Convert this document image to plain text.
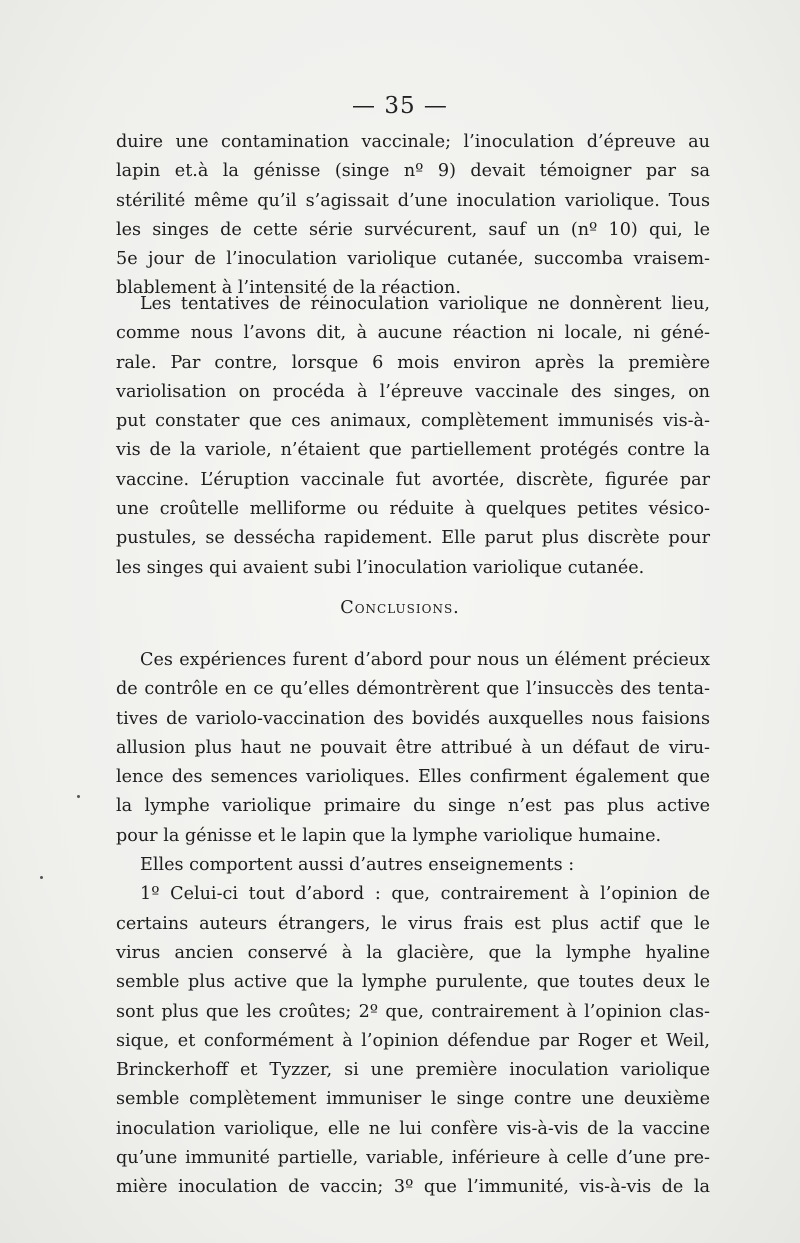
— 35 —
duire une contamination vaccinale; l’inoculation d’épreuve au
lapin et.à la génisse (singe nº 9) devait témoigner par sa
stérilité même qu’il s’agissait d’une inoculation variolique. Tous
les singes de cette série survécurent, sauf un (nº 10) qui, le
5e jour de l’inoculation variolique cutanée, succomba vraisem-
blablement à l’intensité de la réaction.
Les tentatives de réinoculation variolique ne donnèrent lieu,
comme nous l’avons dit, à aucune réaction ni locale, ni géné-
rale. Par contre, lorsque 6 mois environ après la première
variolisation on procéda à l’épreuve vaccinale des singes, on
put constater que ces animaux, complètement immunisés vis-à-
vis de la variole, n’étaient que partiellement protégés contre la
vaccine. L’éruption vaccinale fut avortée, discrète, figurée par
une croûtelle melliforme ou réduite à quelques petites vésico-
pustules, se dessécha rapidement. Elle parut plus discrète pour
les singes qui avaient subi l’inoculation variolique cutanée.
Conclusions.
Ces expériences furent d’abord pour nous un élément précieux
de contrôle en ce qu’elles démontrèrent que l’insuccès des tenta-
tives de variolo-vaccination des bovidés auxquelles nous faisions
allusion plus haut ne pouvait être attribué à un défaut de viru-
lence des semences varioliques. Elles confirment également que
la lymphe variolique primaire du singe n’est pas plus active
pour la génisse et le lapin que la lymphe variolique humaine.
Elles comportent aussi d’autres enseignements :
1º Celui-ci tout d’abord : que, contrairement à l’opinion de
certains auteurs étrangers, le virus frais est plus actif que le
virus ancien conservé à la glacière, que la lymphe hyaline
semble plus active que la lymphe purulente, que toutes deux le
sont plus que les croûtes; 2º que, contrairement à l’opinion clas-
sique, et conformément à l’opinion défendue par Roger et Weil,
Brinckerhoff et Tyzzer, si une première inoculation variolique
semble complètement immuniser le singe contre une deuxième
inoculation variolique, elle ne lui confère vis-à-vis de la vaccine
qu’une immunité partielle, variable, inférieure à celle d’une pre-
mière inoculation de vaccin; 3º que l’immunité, vis-à-vis de la
